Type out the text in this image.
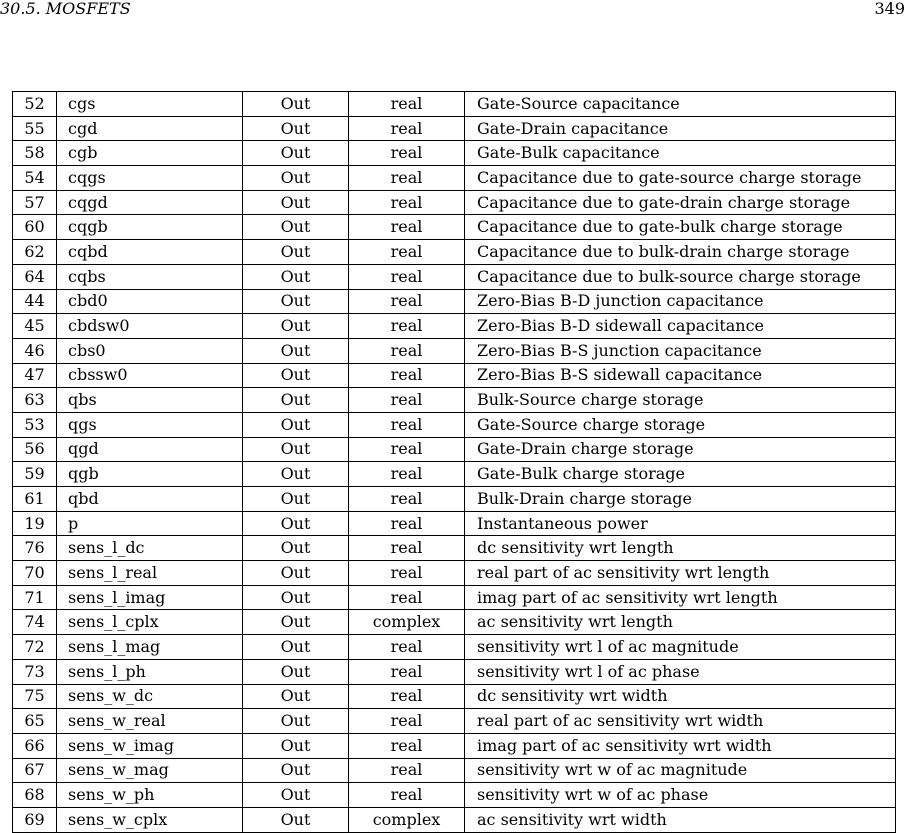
30.5. MOSFETS	349
52	cgs	Out	real	Gate-Source capacitance
55	cgd	Out	real	Gate-Drain capacitance
58	cgb	Out	real	Gate-Bulk capacitance
54	cqgs	Out	real	Capacitance due to gate-source charge storage
57	cqgd	Out	real	Capacitance due to gate-drain charge storage
60	cqgb	Out	real	Capacitance due to gate-bulk charge storage
62	cqbd	Out	real	Capacitance due to bulk-drain charge storage
64	cqbs	Out	real	Capacitance due to bulk-source charge storage
44	cbd0	Out	real	Zero-Bias B-D junction capacitance
45	cbdsw0	Out	real	Zero-Bias B-D sidewall capacitance
46	cbs0	Out	real	Zero-Bias B-S junction capacitance
47	cbssw0	Out	real	Zero-Bias B-S sidewall capacitance
63	qbs	Out	real	Bulk-Source charge storage
53	qgs	Out	real	Gate-Source charge storage
56	qgd	Out	real	Gate-Drain charge storage
59	qgb	Out	real	Gate-Bulk charge storage
61	qbd	Out	real	Bulk-Drain charge storage
19	p	Out	real	Instantaneous power
76	sens_l_dc	Out	real	dc sensitivity wrt length
70	sens_l_real	Out	real	real part of ac sensitivity wrt length
71	sens_l_imag	Out	real	imag part of ac sensitivity wrt length
74	sens_l_cplx	Out	complex	ac sensitivity wrt length
72	sens_l_mag	Out	real	sensitivity wrt l of ac magnitude
73	sens_l_ph	Out	real	sensitivity wrt l of ac phase
75	sens_w_dc	Out	real	dc sensitivity wrt width
65	sens_w_real	Out	real	real part of ac sensitivity wrt width
66	sens_w_imag	Out	real	imag part of ac sensitivity wrt width
67	sens_w_mag	Out	real	sensitivity wrt w of ac magnitude
68	sens_w_ph	Out	real	sensitivity wrt w of ac phase
69	sens_w_cplx	Out	complex	ac sensitivity wrt width
